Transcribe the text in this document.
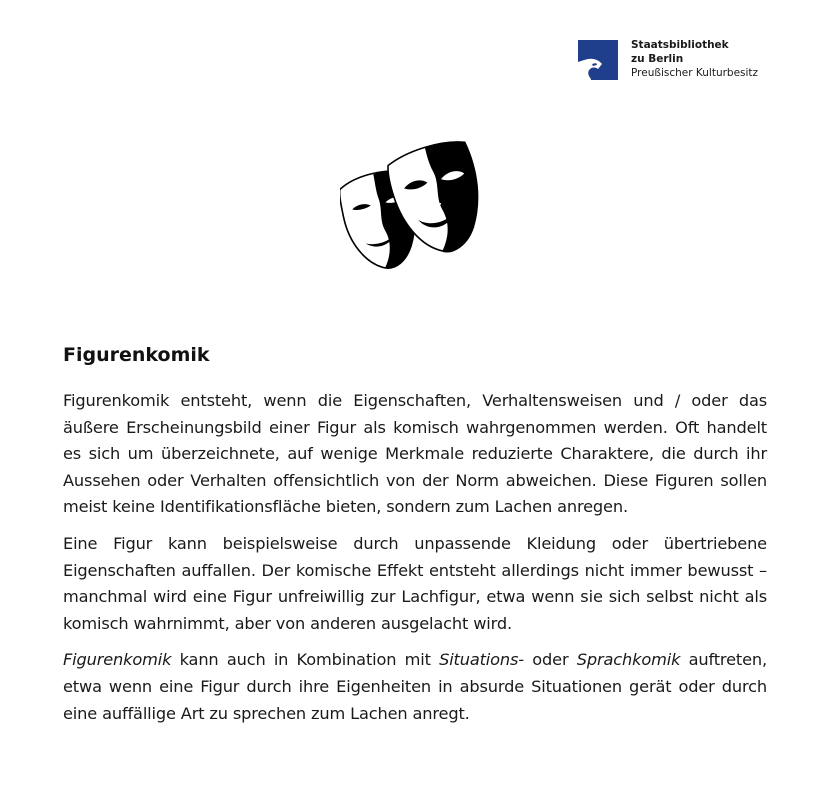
Staatsbibliothek
zu Berlin
Preußischer Kulturbesitz
Figurenkomik

Figurenkomik entsteht, wenn die Eigenschaften, Verhaltensweisen und / oder das äußere Erscheinungsbild einer Figur als komisch wahrgenommen werden. Oft handelt es sich um überzeichnete, auf wenige Merkmale reduzierte Charaktere, die durch ihr Aussehen oder Verhalten offensichtlich von der Norm abweichen. Diese Figuren sollen meist keine Identifikationsfläche bieten, sondern zum Lachen anregen.

Eine Figur kann beispielsweise durch unpassende Kleidung oder übertriebene Eigenschaften auffallen. Der komische Effekt entsteht allerdings nicht immer bewusst – manchmal wird eine Figur unfreiwillig zur Lachfigur, etwa wenn sie sich selbst nicht als komisch wahrnimmt, aber von anderen ausgelacht wird.

Figurenkomik kann auch in Kombination mit Situations- oder Sprachkomik auftreten, etwa wenn eine Figur durch ihre Eigenheiten in absurde Situationen gerät oder durch eine auffällige Art zu sprechen zum Lachen anregt.
